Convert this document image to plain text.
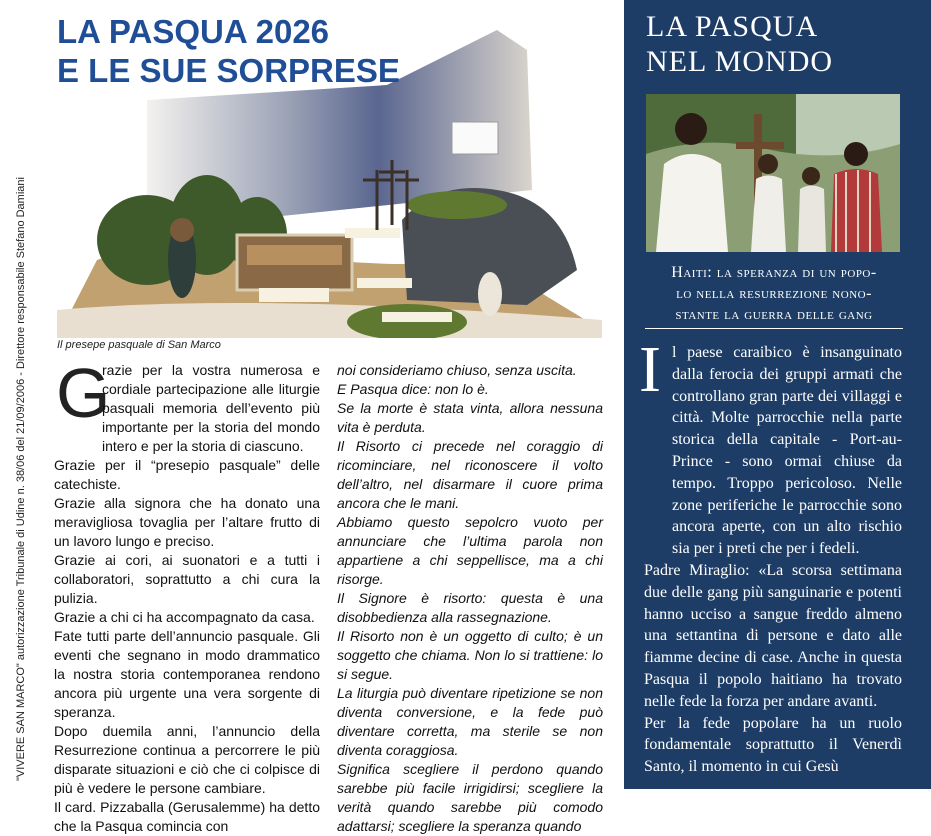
"VIVERE SAN MARCO" autorizzazione Tribunale di Udine n. 38/06 del 21/09/2006 - Direttore responsabile Stefano Damiani
LA PASQUA 2026
E LE SUE SORPRESE
Il presepe pasquale di San Marco
G

razie per la vostra numerosa e cordiale partecipazione alle liturgie pasquali memoria dell’evento più importante per la storia del mondo intero e per la storia di ciascuno.

Grazie per il “presepio pasquale” delle catechiste.

Grazie alla signora che ha donato una meravigliosa tovaglia per l’altare frutto di un lavoro lungo e preciso.

Grazie ai cori, ai suonatori e a tutti i collaboratori, soprattutto a chi cura la pulizia.

Grazie a chi ci ha accompagnato da casa.

Fate tutti parte dell’annuncio pasquale. Gli eventi che segnano in modo drammatico la nostra storia contemporanea rendono ancora più urgente una vera sorgente di speranza.

Dopo duemila anni, l’annuncio della Resurrezione continua a percorrere le più disparate situazioni e ciò che ci colpisce di più è vedere le persone cambiare.

Il card. Pizzaballa (Gerusalemme) ha detto che la Pasqua comincia con

noi consideriamo chiuso, senza uscita.

E Pasqua dice: non lo è.

Se la morte è stata vinta, allora nessuna vita è perduta.

Il Risorto ci precede nel coraggio di ricominciare, nel riconoscere il volto dell’altro, nel disarmare il cuore prima ancora che le mani.

Abbiamo questo sepolcro vuoto per annunciare che l’ultima parola non appartiene a chi seppellisce, ma a chi risorge.

Il Signore è risorto: questa è una disobbedienza alla rassegnazione.

Il Risorto non è un oggetto di culto; è un soggetto che chiama. Non lo si trattiene: lo si segue.

La liturgia può diventare ripetizione se non diventa conversione, e la fede può diventare corretta, ma sterile se non diventa coraggiosa.

Significa scegliere il perdono quando sarebbe più facile irrigidirsi; scegliere la verità quando sarebbe più comodo adattarsi; scegliere la speranza quando

LA PASQUA
NEL MONDO
Haiti: la speranza di un popo-
lo nella resurrezione nono-
stante la guerra delle gang
I l paese caraibico è insanguinato dalla ferocia dei gruppi armati che controllano gran parte dei villaggi e città. Molte parrocchie nella parte storica della capitale - Port-au-Prince - sono ormai chiuse da tempo. Troppo pericoloso. Nelle zone periferiche le parrocchie sono ancora aperte, con un alto rischio sia per i preti che per i fedeli.

Padre Miraglio: «La scorsa settimana due delle gang più sanguinarie e potenti hanno ucciso a sangue freddo almeno una settantina di persone e dato alle fiamme decine di case. Anche in questa Pasqua il popolo haitiano ha trovato nelle fede la forza per andare avanti.

Per la fede popolare ha un ruolo fondamentale soprattutto il Venerdì Santo, il momento in cui Gesù
